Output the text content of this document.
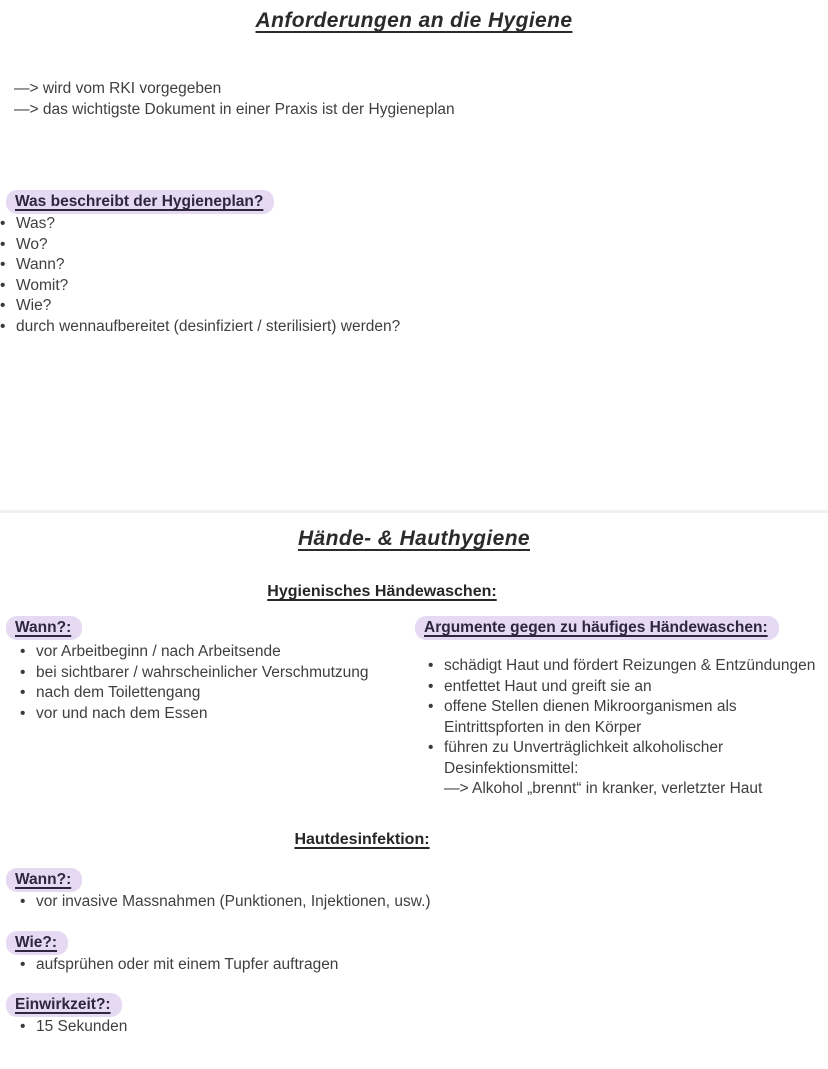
Anforderungen an die Hygiene

—> wird vom RKI vorgegeben

—> das wichtigste Dokument in einer Praxis ist der Hygieneplan

Was beschreibt der Hygieneplan?
• Was?
• Wo?
• Wann?
• Womit?
• Wie?
• durch wennaufbereitet (desinfiziert / sterilisiert) werden?
Hände- & Hauthygiene
Hygienisches Händewaschen:
Wann?:
• vor Arbeitbeginn / nach Arbeitsende
• bei sichtbarer / wahrscheinlicher Verschmutzung
• nach dem Toilettengang
• vor und nach dem Essen
Argumente gegen zu häufiges Händewaschen:
• schädigt Haut und fördert Reizungen & Entzündungen
• entfettet Haut und greift sie an
• offene Stellen dienen Mikroorganismen als Eintrittspforten in den Körper
• führen zu Unverträglichkeit alkoholischer Desinfektionsmittel:
—> Alkohol „brennt“ in kranker, verletzter Haut
Hautdesinfektion:
Wann?:
• vor invasive Massnahmen (Punktionen, Injektionen, usw.)
Wie?:
• aufsprühen oder mit einem Tupfer auftragen
Einwirkzeit?:
• 15 Sekunden
